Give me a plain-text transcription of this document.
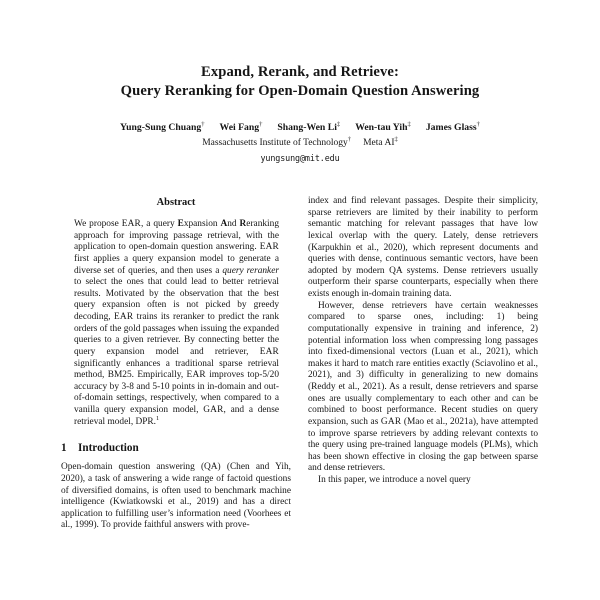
Expand, Rerank, and Retrieve:
Query Reranking for Open-Domain Question Answering
Yung-Sung Chuang† Wei Fang† Shang-Wen Li‡ Wen-tau Yih‡ James Glass†
Massachusetts Institute of Technology† Meta AI‡
yungsung@mit.edu
Abstract

We propose EAR, a query Expansion And Reranking approach for improving passage retrieval, with the application to open-domain question answering. EAR first applies a query expansion model to generate a diverse set of queries, and then uses a query reranker to select the ones that could lead to better retrieval results. Motivated by the observation that the best query expansion often is not picked by greedy decoding, EAR trains its reranker to predict the rank orders of the gold passages when issuing the expanded queries to a given retriever. By connecting better the query expansion model and retriever, EAR significantly enhances a traditional sparse retrieval method, BM25. Empirically, EAR improves top-5/20 accuracy by 3-8 and 5-10 points in in-domain and out-of-domain settings, respectively, when compared to a vanilla query expansion model, GAR, and a dense retrieval model, DPR.$^1$

1 Introduction

Open-domain question answering (QA) (Chen and Yih, 2020), a task of answering a wide range of factoid questions of diversified domains, is often used to benchmark machine intelligence (Kwiatkowski et al., 2019) and has a direct application to fulfilling user’s information need (Voorhees et al., 1999). To provide faithful answers with prove-

index and find relevant passages. Despite their simplicity, sparse retrievers are limited by their inability to perform semantic matching for relevant passages that have low lexical overlap with the query. Lately, dense retrievers (Karpukhin et al., 2020), which represent documents and queries with dense, continuous semantic vectors, have been adopted by modern QA systems. Dense retrievers usually outperform their sparse counterparts, especially when there exists enough in-domain training data.

However, dense retrievers have certain weaknesses compared to sparse ones, including: 1) being computationally expensive in training and inference, 2) potential information loss when compressing long passages into fixed-dimensional vectors (Luan et al., 2021), which makes it hard to match rare entities exactly (Sciavolino et al., 2021), and 3) difficulty in generalizing to new domains (Reddy et al., 2021). As a result, dense retrievers and sparse ones are usually complementary to each other and can be combined to boost performance. Recent studies on query expansion, such as GAR (Mao et al., 2021a), have attempted to improve sparse retrievers by adding relevant contexts to the query using pre-trained language models (PLMs), which has been shown effective in closing the gap between sparse and dense retrievers.

In this paper, we introduce a novel query
